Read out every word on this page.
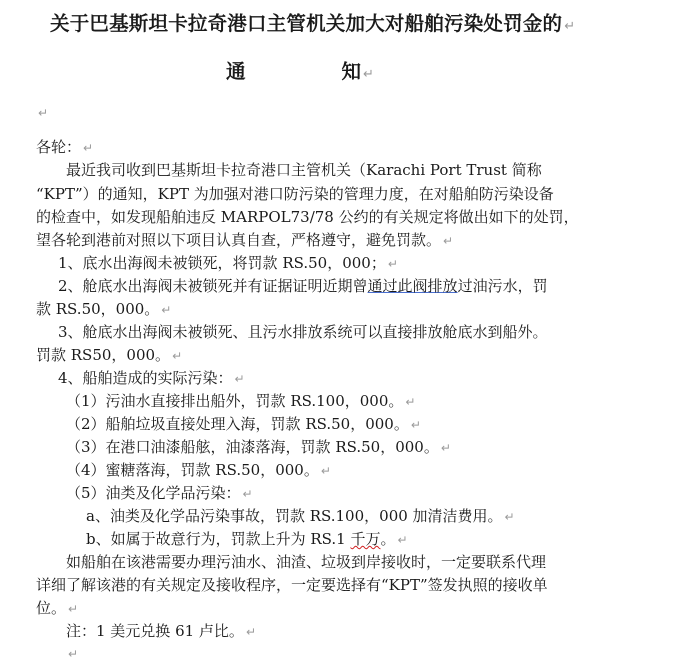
关于巴基斯坦卡拉奇港口主管机关加大对船舶污染处罚金的 ↵
通	知 ↵
↵
各轮： ↵
最近我司收到巴基斯坦卡拉奇港口主管机关（Karachi Port Trust 简称
“KPT”）的通知，KPT 为加强对港口防污染的管理力度，在对船舶防污染设备
的检查中，如发现船舶违反 MARPOL73/78 公约的有关规定将做出如下的处罚，
望各轮到港前对照以下项目认真自查，严格遵守，避免罚款。 ↵
1、底水出海阀未被锁死，将罚款 RS.50，000； ↵
2、舱底水出海阀未被锁死并有证据证明近期曾通过此阀排放过油污水，罚
款 RS.50，000。 ↵
3、舱底水出海阀未被锁死、且污水排放系统可以直接排放舱底水到船外。
罚款 RS50，000。 ↵
4、船舶造成的实际污染： ↵
（1）污油水直接排出船外，罚款 RS.100，000。 ↵
（2）船舶垃圾直接处理入海，罚款 RS.50，000。 ↵
（3）在港口油漆船舷，油漆落海，罚款 RS.50，000。 ↵
（4）蜜糖落海，罚款 RS.50，000。 ↵
（5）油类及化学品污染： ↵
a、油类及化学品污染事故，罚款 RS.100，000 加清洁费用。 ↵
b、如属于故意行为，罚款上升为 RS.1 千万。 ↵
如船舶在该港需要办理污油水、油渣、垃圾到岸接收时，一定要联系代理
详细了解该港的有关规定及接收程序，一定要选择有“KPT”签发执照的接收单
位。 ↵
注：1 美元兑换 61 卢比。 ↵
↵
